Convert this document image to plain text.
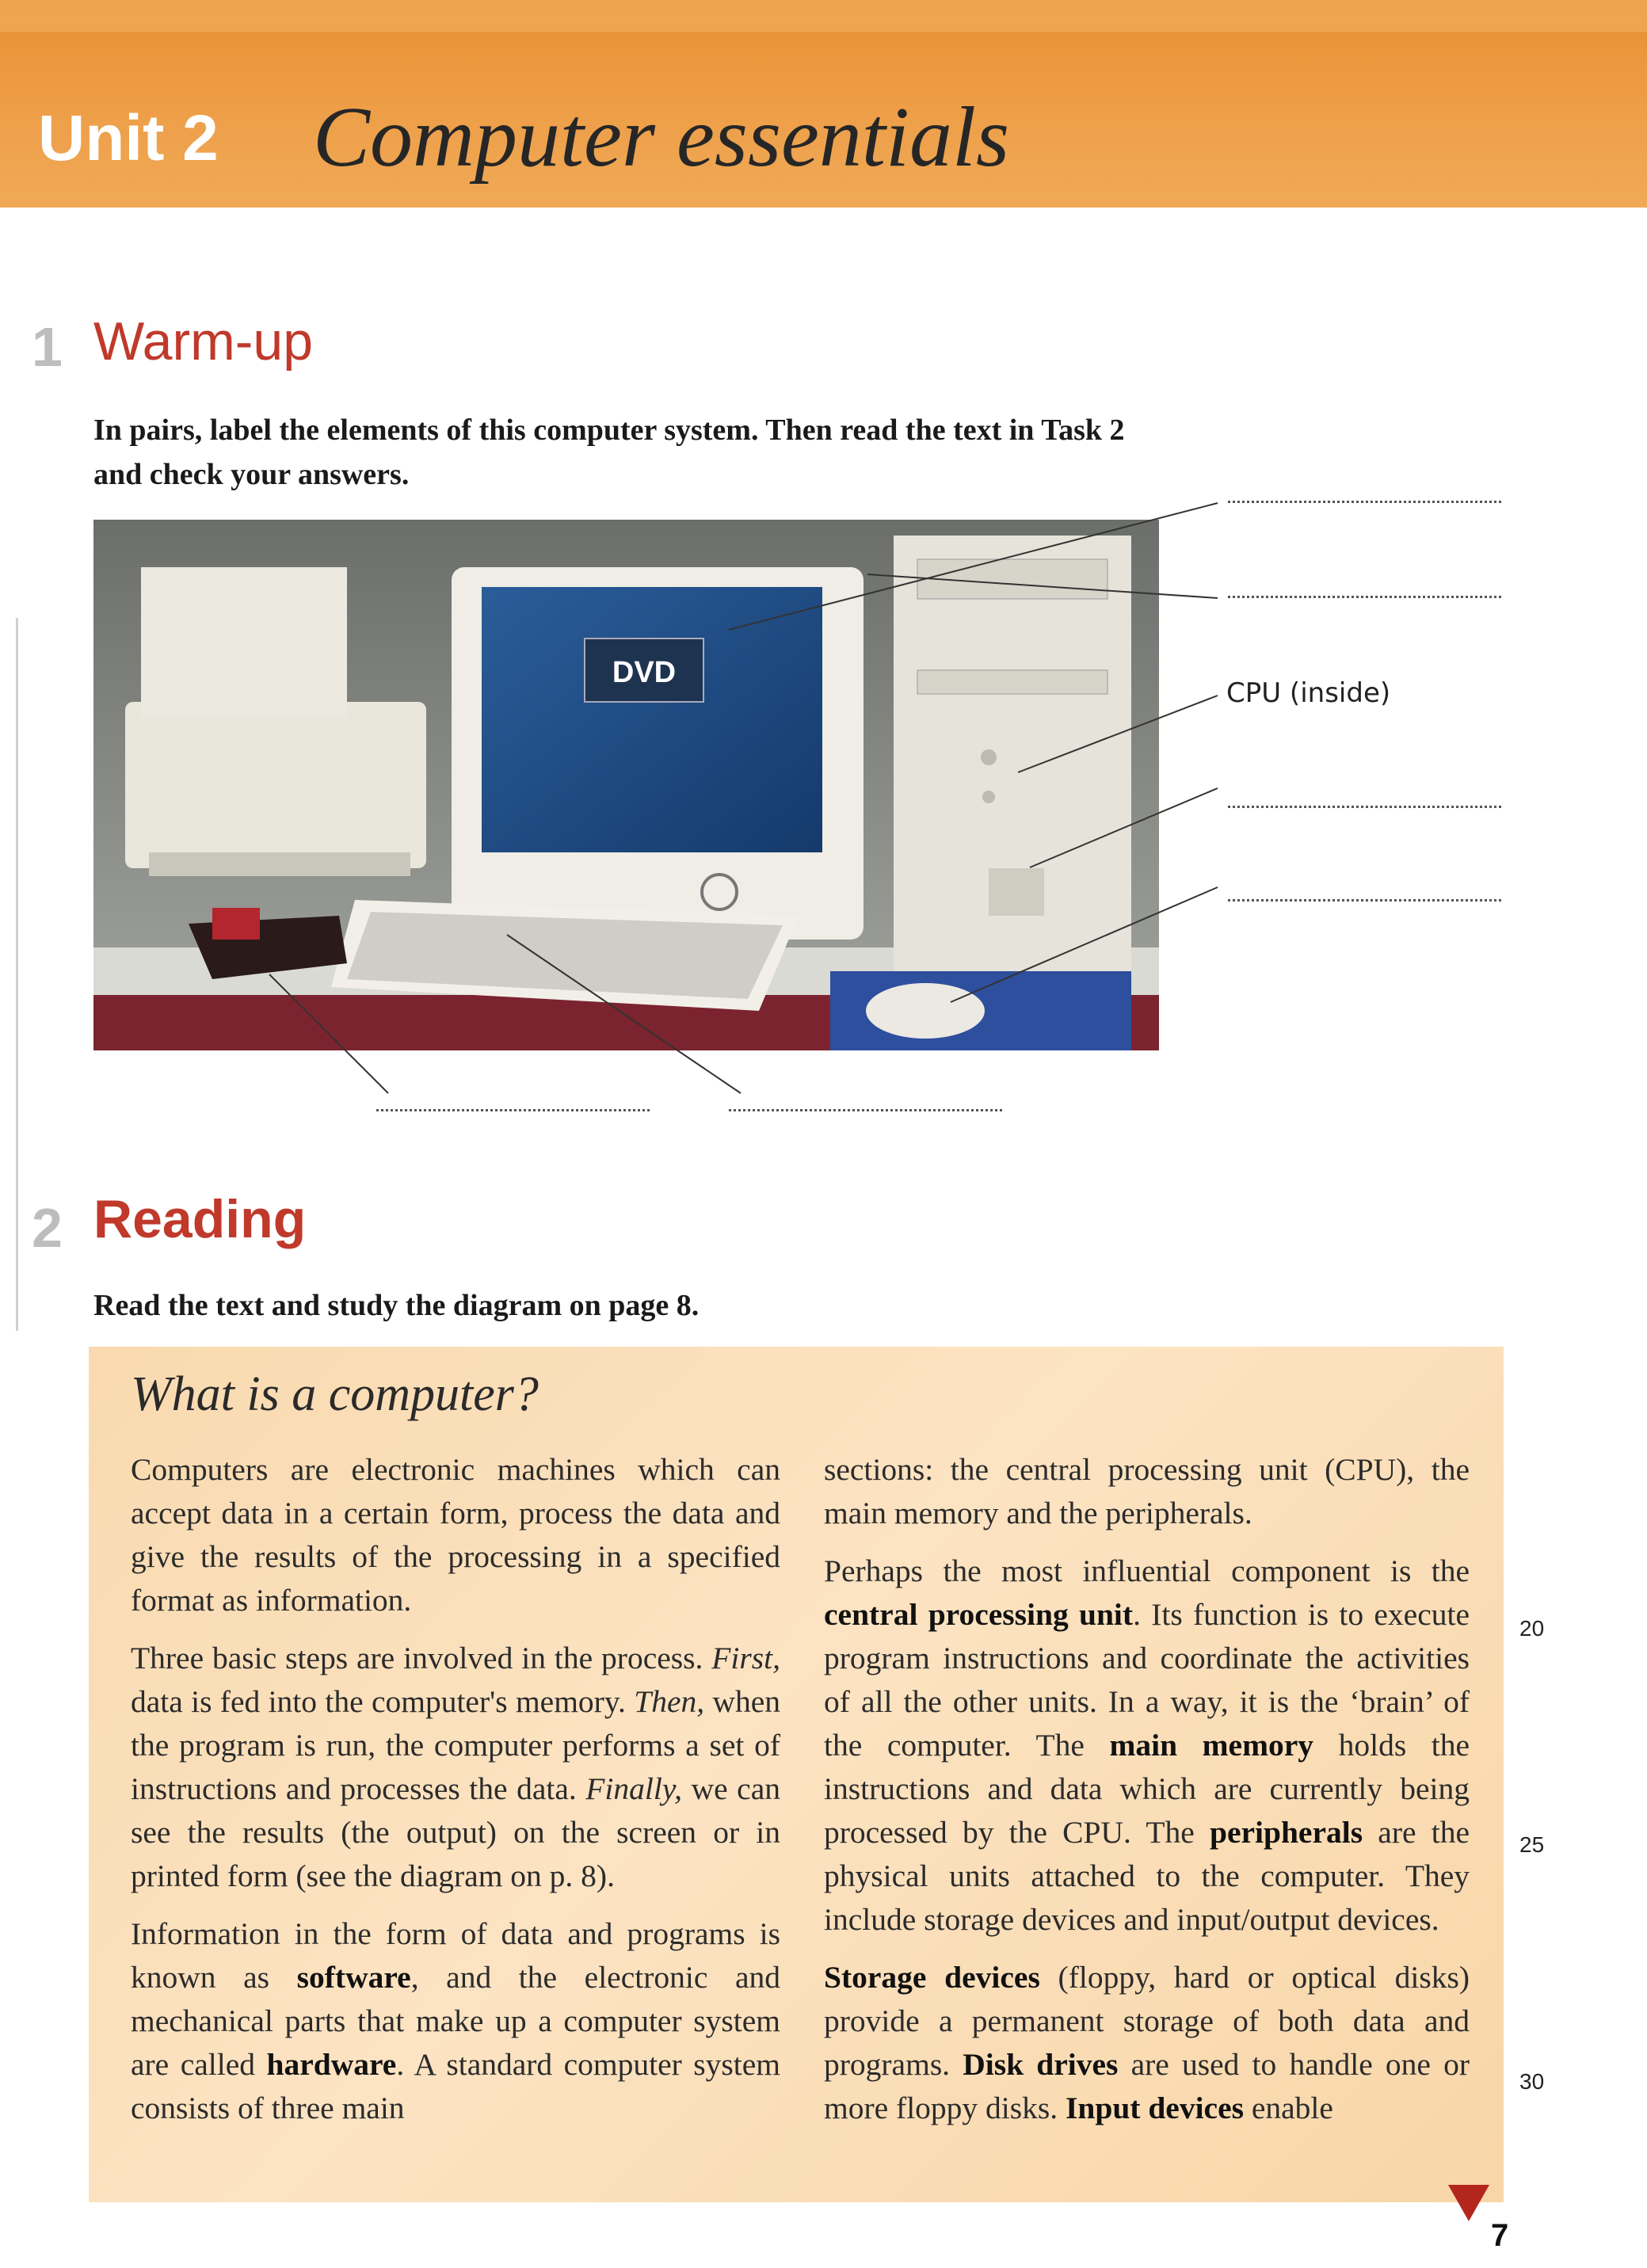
Unit 2 Computer essentials
1 Warm-up
In pairs, label the elements of this computer system. Then read the text in Task 2
and check your answers.
DVD
CPU (inside)
2 Reading
Read the text and study the diagram on page 8.
What is a computer?

Computers are electronic machines which can accept data in a certain form, process the data and give the results of the processing in a specified format as information.

Three basic steps are involved in the process. First, data is fed into the computer's memory. Then, when the program is run, the computer performs a set of instructions and processes the data. Finally, we can see the results (the output) on the screen or in printed form (see the diagram on p. 8).

Information in the form of data and programs is known as software, and the electronic and mechanical parts that make up a computer system are called hardware. A standard computer system consists of three main

sections: the central processing unit (CPU), the main memory and the peripherals.

Perhaps the most influential component is the central processing unit. Its function is to execute program instructions and coordinate the activities of all the other units. In a way, it is the ‘brain’ of the computer. The main memory holds the instructions and data which are currently being processed by the CPU. The peripherals are the physical units attached to the computer. They include storage devices and input/output devices.

Storage devices (floppy, hard or optical disks) provide a permanent storage of both data and programs. Disk drives are used to handle one or more floppy disks. Input devices enable

20
25
30
7
